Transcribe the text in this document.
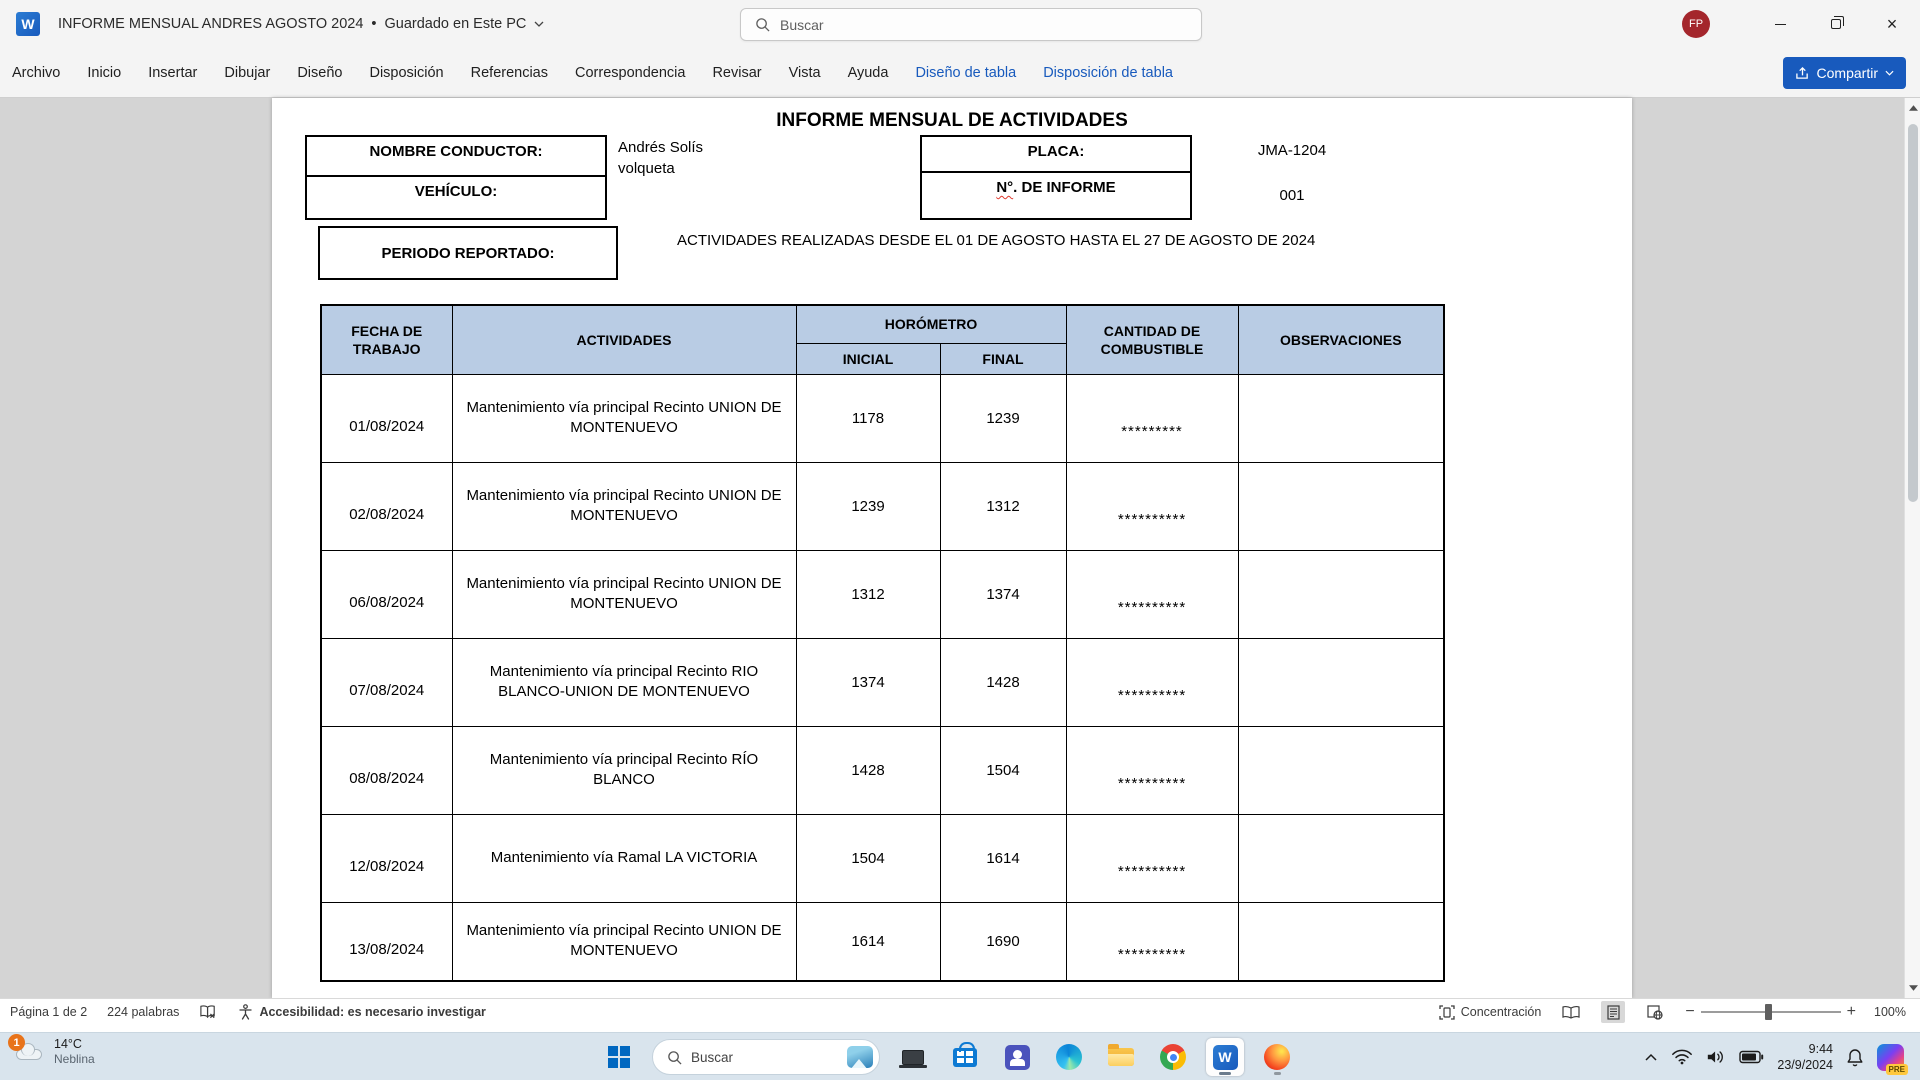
W	INFORME MENSUAL ANDRES AGOSTO 2024 • Guardado en Este PC	Buscar	FP	×
Archivo Inicio Insertar Dibujar Diseño Disposición Referencias Correspondencia Revisar Vista Ayuda Diseño de tabla Disposición de tabla	Compartir
INFORME MENSUAL DE ACTIVIDADES
NOMBRE CONDUCTOR:
VEHÍCULO:
Andrés Solís
volqueta
PLACA:
N° . DE INFORME
JMA-1204
001
PERIODO REPORTADO:
ACTIVIDADES REALIZADAS DESDE EL 01 DE AGOSTO HASTA EL 27 DE AGOSTO DE 2024
FECHA DE TRABAJO	ACTIVIDADES	HORÓMETRO		CANTIDAD DE COMBUSTIBLE	OBSERVACIONES
		INICIAL	FINAL		
01/08/2024	Mantenimiento vía principal Recinto UNION DE MONTENUEVO	1178	1239	*********	
02/08/2024	Mantenimiento vía principal Recinto UNION DE MONTENUEVO	1239	1312	**********	
06/08/2024	Mantenimiento vía principal Recinto UNION DE MONTENUEVO	1312	1374	**********	
07/08/2024	Mantenimiento vía principal Recinto RIO BLANCO-UNION DE MONTENUEVO	1374	1428	**********	
08/08/2024	Mantenimiento vía principal Recinto RÍO BLANCO	1428	1504	**********	
12/08/2024	Mantenimiento vía Ramal LA VICTORIA	1504	1614	**********	
13/08/2024	Mantenimiento vía principal Recinto UNION DE MONTENUEVO	1614	1690	**********	
Página 1 de 2 224 palabras	Accesibilidad: es necesario investigar	Concentración	−	+ 100%
1	14°C
Neblina	Buscar	W	9:44
23/9/2024	PRE
